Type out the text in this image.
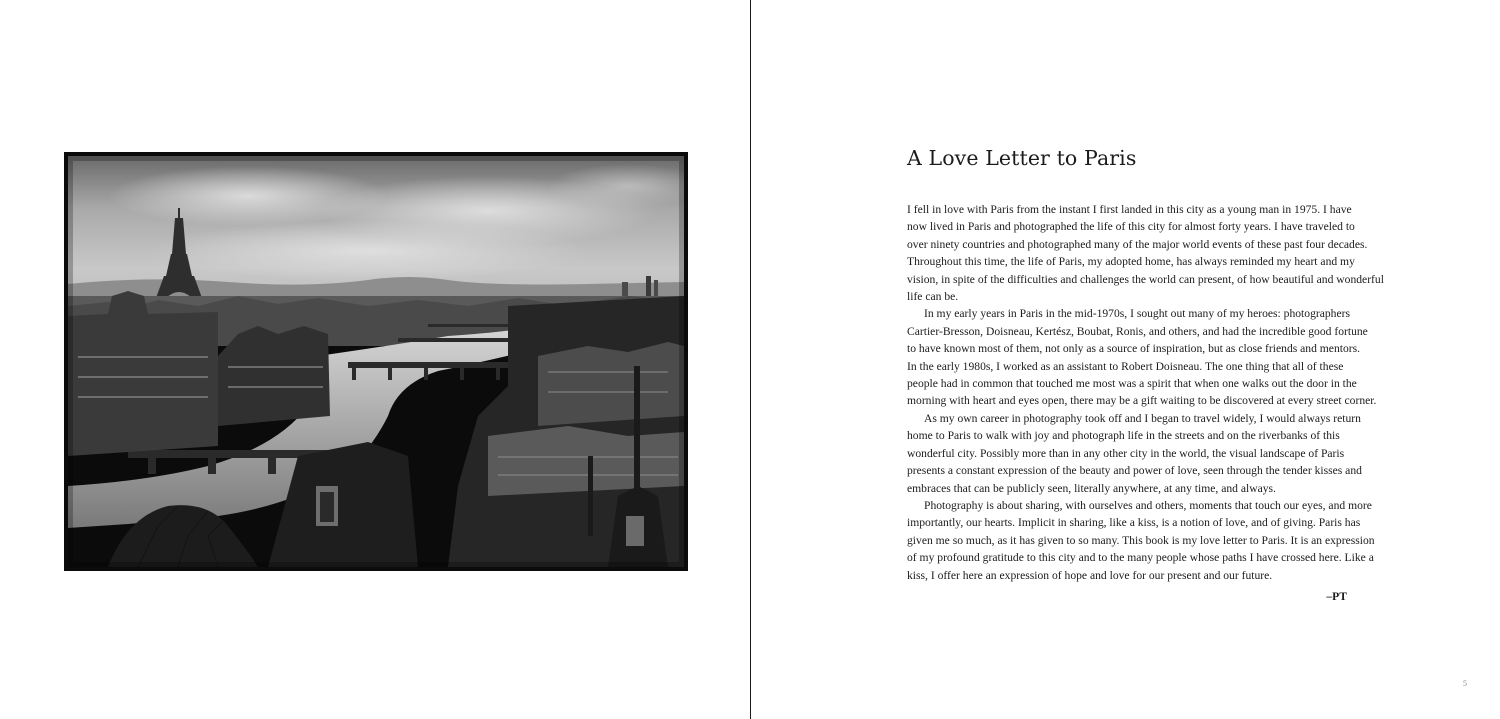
A Love Letter to Paris

I fell in love with Paris from the instant I first landed in this city as a young man in 1975. I have

now lived in Paris and photographed the life of this city for almost forty years. I have traveled to

over ninety countries and photographed many of the major world events of these past four decades.

Throughout this time, the life of Paris, my adopted home, has always reminded my heart and my

vision, in spite of the difficulties and challenges the world can present, of how beautiful and wonderful

life can be.

In my early years in Paris in the mid-1970s, I sought out many of my heroes: photographers

Cartier-Bresson, Doisneau, Kertész, Boubat, Ronis, and others, and had the incredible good fortune

to have known most of them, not only as a source of inspiration, but as close friends and mentors.

In the early 1980s, I worked as an assistant to Robert Doisneau. The one thing that all of these

people had in common that touched me most was a spirit that when one walks out the door in the

morning with heart and eyes open, there may be a gift waiting to be discovered at every street corner.

As my own career in photography took off and I began to travel widely, I would always return

home to Paris to walk with joy and photograph life in the streets and on the riverbanks of this

wonderful city. Possibly more than in any other city in the world, the visual landscape of Paris

presents a constant expression of the beauty and power of love, seen through the tender kisses and

embraces that can be publicly seen, literally anywhere, at any time, and always.

Photography is about sharing, with ourselves and others, moments that touch our eyes, and more

importantly, our hearts. Implicit in sharing, like a kiss, is a notion of love, and of giving. Paris has

given me so much, as it has given to so many. This book is my love letter to Paris. It is an expression

of my profound gratitude to this city and to the many people whose paths I have crossed here. Like a

kiss, I offer here an expression of hope and love for our present and our future.

–PT
5
